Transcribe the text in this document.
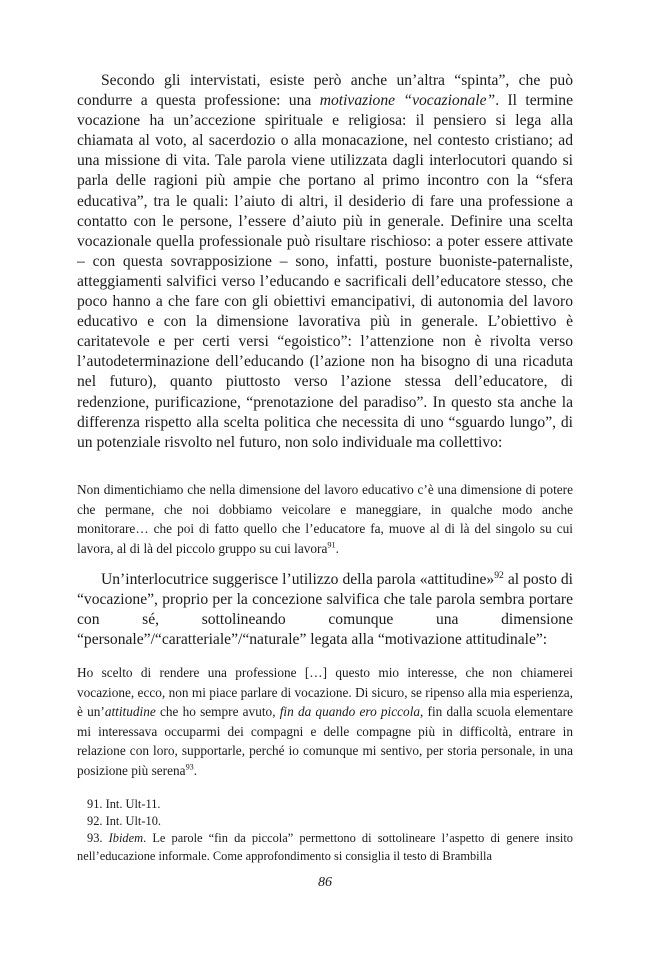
Secondo gli intervistati, esiste però anche un’altra “spinta”, che può condurre a questa professione: una motivazione “vocazionale”. Il termine vocazione ha un’accezione spirituale e religiosa: il pensiero si lega alla chiamata al voto, al sacerdozio o alla monacazione, nel contesto cristiano; ad una missione di vita. Tale parola viene utilizzata dagli interlocutori quando si parla delle ragioni più ampie che portano al primo incontro con la “sfera educativa”, tra le quali: l’aiuto di altri, il desiderio di fare una professione a contatto con le persone, l’essere d’aiuto più in generale. Definire una scelta vocazionale quella professionale può risultare rischioso: a poter essere attivate – con questa sovrapposizione – sono, infatti, posture buoniste-paternaliste, atteggiamenti salvifici verso l’educando e sacrificali dell’educatore stesso, che poco hanno a che fare con gli obiettivi emancipativi, di autonomia del lavoro educativo e con la dimensione lavorativa più in generale. L’obiettivo è caritatevole e per certi versi “egoistico”: l’attenzione non è rivolta verso l’autodeterminazione dell’educando (l’azione non ha bisogno di una ricaduta nel futuro), quanto piuttosto verso l’azione stessa dell’educatore, di redenzione, purificazione, “prenotazione del paradiso”. In questo sta anche la differenza rispetto alla scelta politica che necessita di uno “sguardo lungo”, di un potenziale risvolto nel futuro, non solo individuale ma collettivo:

Non dimentichiamo che nella dimensione del lavoro educativo c’è una dimensione di potere che permane, che noi dobbiamo veicolare e maneggiare, in qualche modo anche monitorare… che poi di fatto quello che l’educatore fa, muove al di là del singolo su cui lavora, al di là del piccolo gruppo su cui lavora$^{91}$.

Un’interlocutrice suggerisce l’utilizzo della parola «attitudine»$^{92}$ al posto di “vocazione”, proprio per la concezione salvifica che tale parola sembra portare con sé, sottolineando comunque una dimensione “personale”/“caratteriale”/“naturale” legata alla “motivazione attitudinale”:

Ho scelto di rendere una professione […] questo mio interesse, che non chiamerei vocazione, ecco, non mi piace parlare di vocazione. Di sicuro, se ripenso alla mia esperienza, è un’attitudine che ho sempre avuto, fin da quando ero piccola, fin dalla scuola elementare mi interessava occuparmi dei compagni e delle compagne più in difficoltà, entrare in relazione con loro, supportarle, perché io comunque mi sentivo, per storia personale, in una posizione più serena$^{93}$.

91. Int. Ult-11.

92. Int. Ult-10.

93. Ibidem. Le parole “fin da piccola” permettono di sottolineare l’aspetto di genere insito nell’educazione informale. Come approfondimento si consiglia il testo di Brambilla

86
